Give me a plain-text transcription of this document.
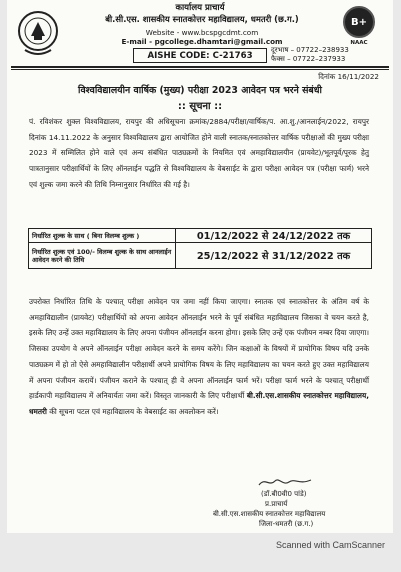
कार्यालय प्राचार्य
बी.सी.एस. शासकीय स्नातकोत्तर महाविद्यालय, धमतरी (छ.ग.)
Website - www.bcspgcdmt.com
E-mail - pgcollege.dhamtari@gmail.com
B+
NAAC
AISHE CODE: C-21763
दूरभाष – 07722–238933
फैक्स – 07722–237933
दिनांक 16/11/2022
विश्वविद्यालयीन वार्षिक (मुख्य) परीक्षा 2023 आवेदन पत्र भरने संबंधी
:: सूचना ::
पं. रविशंकर शुक्ल विश्वविद्यालय, रायपुर की अधिसूचना क्रमांक/2884/परीक्षा/वार्षिक/प. आ.शु./आनलाईन/2022, रायपुर दिनांक 14.11.2022 के अनुसार विश्वविद्यालय द्वारा आयोजित होने वाली स्नातक/स्नातकोत्तर वार्षिक परीक्षाओं की मुख्य परीक्षा 2023 में सम्मिलित होने वाले एवं अन्य संबंधित पाठ्यक्रमों के नियमित एवं अमहाविद्यालयीन (प्रायवेट)/भूतपूर्व/पूरक हेतु पात्रतानुसार परीक्षार्थियों के लिए ऑनलाईन पद्धति से विश्वविद्यालय के वेबसाईट के द्वारा परीक्षा आवेदन पत्र (परीक्षा फार्म) भरने एवं शुल्क जमा करने की तिथि निम्नानुसार निर्धारित की गई है।
निर्धारित शुल्क के साथ ( बिना विलम्ब शुल्क )	01/12/2022 से 24/12/2022 तक
निर्धारित शुल्क एवं 100/- विलम्ब शुल्क के साथ आनलाईन आवेदन करने की तिथि	25/12/2022 से 31/12/2022 तक
उपरोक्त निर्धारित तिथि के पश्चात् परीक्षा आवेदन पत्र जमा नहीं किया जाएगा। स्नातक एवं स्नातकोत्तर के अंतिम वर्ष के अमहाविद्यालीन (प्रायवेट) परीक्षार्थियों को अपना आवेदन ऑनलाईन भरने के पूर्व संबंधित महाविद्यालय जिसका वे चयन करते है, इसके लिए उन्हें उक्त महाविद्यालय के लिए अपना पंजीयन ऑनलाईन करना होगा। इसके लिए उन्हें एक पंजीयन नम्बर दिया जाएगा। जिसका उपयोग वे अपने ऑनलाईन परीक्षा आवेदन करने के समय करेंगे। जिन कक्षाओं के विषयों में प्रायोगिक विषय यदि उनके पाठ्यक्रम में हो तो ऐसे अमहाविद्यालीन परीक्षार्थी अपने प्रायोगिक विषय के लिए महाविद्यालय का चयन करते हुए उक्त महाविद्यालय में अपना पंजीयन करायें। पंजीयन कराने के पश्चात् ही वे अपना ऑनलाईन फार्म भरें। परीक्षा फार्म भरने के पश्चात् परीक्षार्थी हार्डकापी महाविद्यालय में अनिवार्यतः जमा करें। विस्तृत जानकारी के लिए परीक्षार्थी बी.सी.एस.शासकीय स्नातकोत्तर महाविद्यालय, धमतरी की सूचना पटल एवं महाविद्यालय के वेबसाईट का अवलोकन करें।
(डॉ.बी0वी0 पांडे)
प्र.प्राचार्य
बी.सी.एस.शासकीय स्नातकोत्तर महाविद्यालय
जिला-धमतरी (छ.ग.)
Scanned with CamScanner
